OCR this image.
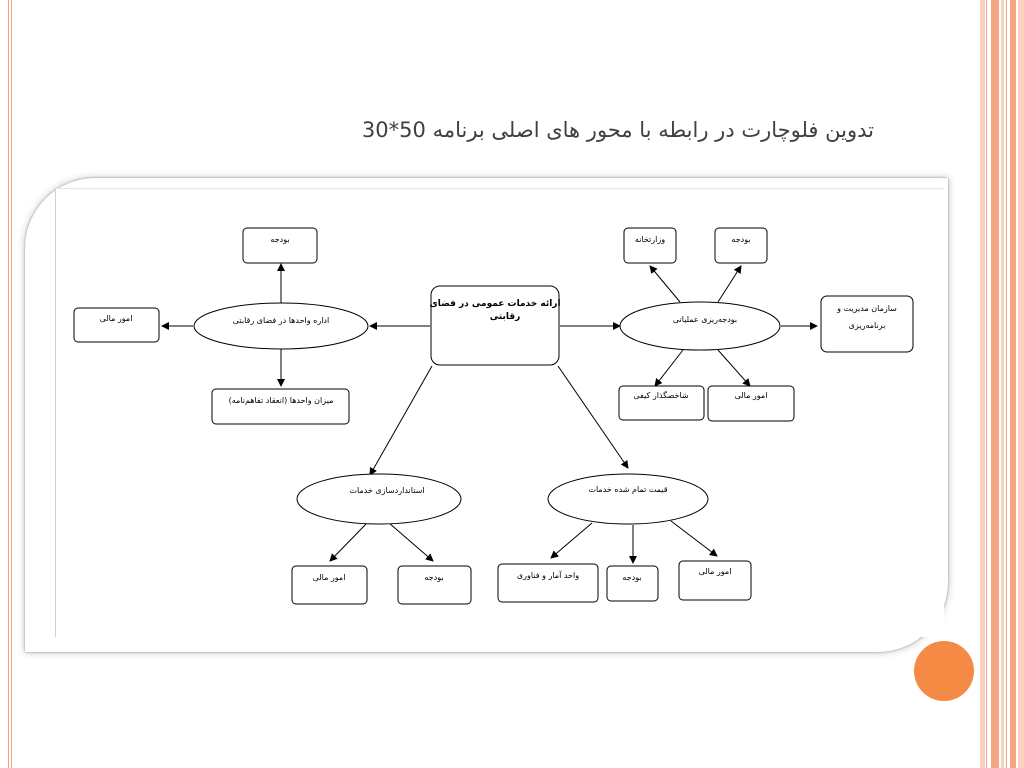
تدوین فلوچارت در رابطه با محور های اصلی برنامه 50*30
ارائه خدمات عمومی در فضای
رقابتی
اداره واحدها در فضای رقابتی	بودجه‌ریزی عملیاتی
استانداردسازی خدمات	قیمت تمام شده خدمات
بودجه
امور مالی
میزان واحدها (انعقاد تفاهم‌نامه)
وزارتخانه	بودجه
سازمان مدیریت و
برنامه‌ریزی
شاخصگذار کیفی	امور مالی
امور مالی	بودجه	واحد آمار و فناوری	بودجه
امور مالی
